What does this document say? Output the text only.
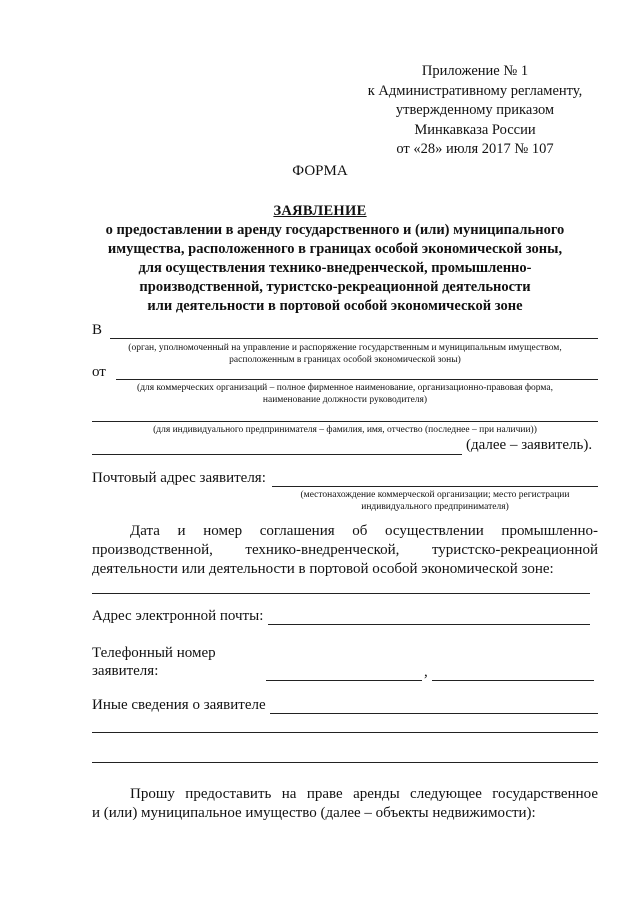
Приложение № 1
к Административному регламенту,
утвержденному приказом
Минкавказа России
от «28» июля 2017 № 107
ФОРМА
ЗАЯВЛЕНИЕ
о предоставлении в аренду государственного и (или) муниципального
имущества, расположенного в границах особой экономической зоны,
для осуществления технико-внедренческой, промышленно-
производственной, туристско-рекреационной деятельности
или деятельности в портовой особой экономической зоне
В
(орган, уполномоченный на управление и распоряжение государственным и муниципальным имуществом,
расположенным в границах особой экономической зоны)
от
(для коммерческих организаций – полное фирменное наименование, организационно-правовая форма,
наименование должности руководителя)
(для индивидуального предпринимателя – фамилия, имя, отчество (последнее – при наличии))
(далее – заявитель).
Почтовый адрес заявителя:
(местонахождение коммерческой организации; место регистрации
индивидуального предпринимателя)
Дата и номер соглашения об осуществлении промышленно-
производственной, технико-внедренческой, туристско-рекреационной
деятельности или деятельности в портовой особой экономической зоне:
Адрес электронной почты:
Телефонный номер
заявителя:	,
Иные сведения о заявителе
Прошу предоставить на праве аренды следующее государственное
и (или) муниципальное имущество (далее – объекты недвижимости):
